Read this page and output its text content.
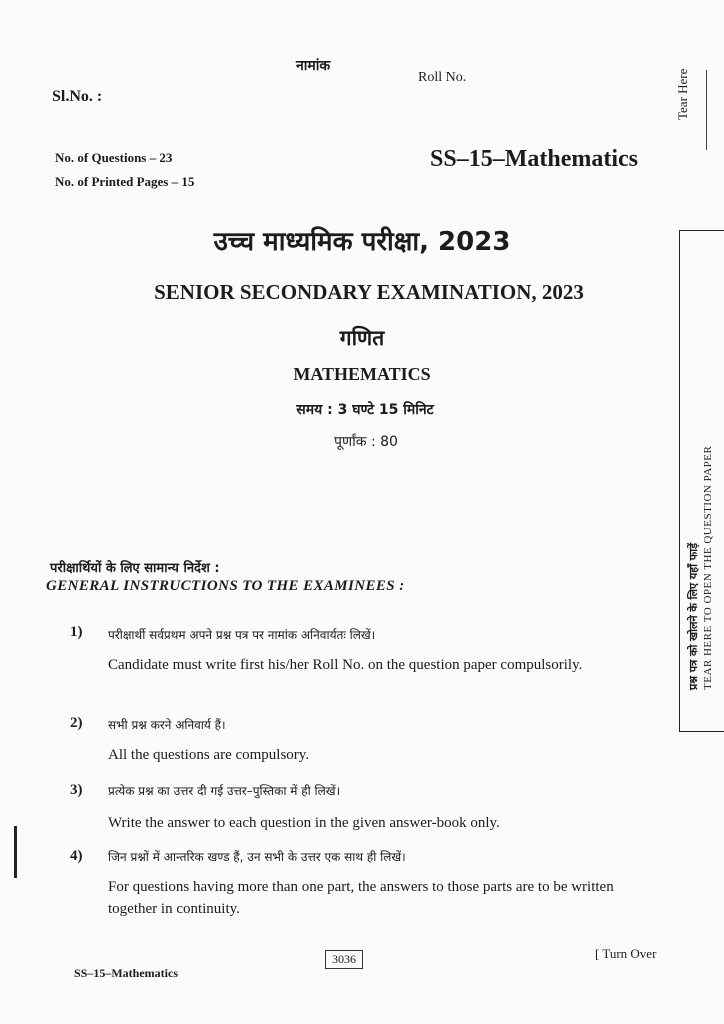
नामांक
Roll No.
Sl.No. :	Tear Here
No. of Questions – 23
No. of Printed Pages – 15
SS–15–Mathematics
उच्च माध्यमिक परीक्षा, 2023
SENIOR SECONDARY EXAMINATION, 2023
गणित
MATHEMATICS
समय : 3 घण्टे 15 मिनिट
पूर्णांक : 80
प्रश्न पत्र को खोलने के लिए यहाँ फाड़ें TEAR HERE TO OPEN THE QUESTION PAPER
परीक्षार्थियों के लिए सामान्य निर्देश :
GENERAL INSTRUCTIONS TO THE EXAMINEES :
1) परीक्षार्थी सर्वप्रथम अपने प्रश्न पत्र पर नामांक अनिवार्यतः लिखें।
Candidate must write first his/her Roll No. on the question paper compulsorily.
2) सभी प्रश्न करने अनिवार्य हैं।
All the questions are compulsory.
3) प्रत्येक प्रश्न का उत्तर दी गई उत्तर–पुस्तिका में ही लिखें।
Write the answer to each question in the given answer-book only.
4) जिन प्रश्नों में आन्तरिक खण्ड हैं, उन सभी के उत्तर एक साथ ही लिखें।
For questions having more than one part, the answers to those parts are to be written together in continuity.
3036	[ Turn Over
SS–15–Mathematics
